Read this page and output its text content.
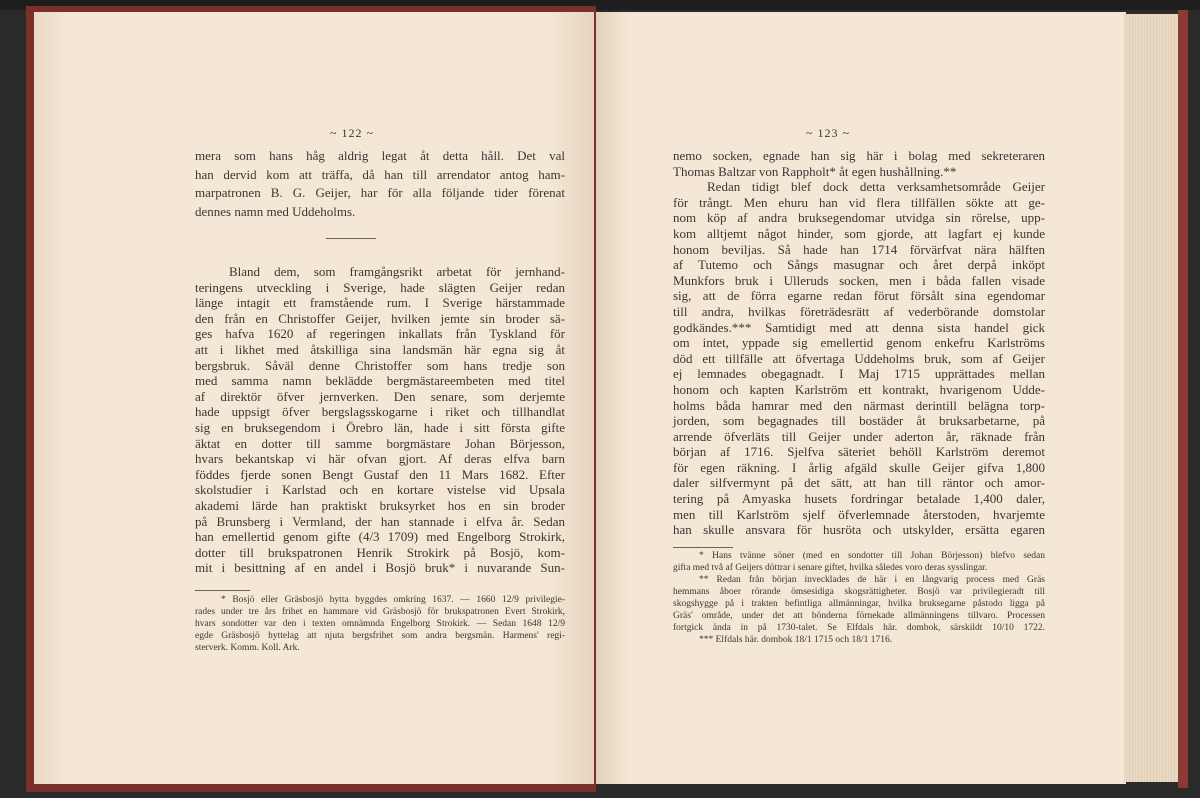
~ 122 ~
mera som hans håg aldrig legat åt detta håll. Det val
han dervid kom att träffa, då han till arrendator antog ham-
marpatronen B. G. Geijer, har för alla följande tider förenat
dennes namn med Uddeholms.
Bland dem, som framgångsrikt arbetat för jernhand-
teringens utveckling i Sverige, hade slägten Geijer redan
länge intagit ett framstående rum. I Sverige härstammade
den från en Christoffer Geijer, hvilken jemte sin broder sä-
ges hafva 1620 af regeringen inkallats från Tyskland för
att i likhet med åtskilliga sina landsmän här egna sig åt
bergsbruk. Såväl denne Christoffer som hans tredje son
med samma namn beklädde bergmästareembeten med titel
af direktör öfver jernverken. Den senare, som derjemte
hade uppsigt öfver bergslagsskogarne i riket och tillhandlat
sig en bruksegendom i Örebro län, hade i sitt första gifte
äktat en dotter till samme borgmästare Johan Börjesson,
hvars bekantskap vi här ofvan gjort. Af deras elfva barn
föddes fjerde sonen Bengt Gustaf den 11 Mars 1682. Efter
skolstudier i Karlstad och en kortare vistelse vid Upsala
akademi lärde han praktiskt bruksyrket hos en sin broder
på Brunsberg i Vermland, der han stannade i elfva år. Sedan
han emellertid genom gifte (4/3 1709) med Engelborg Strokirk,
dotter till brukspatronen Henrik Strokirk på Bosjö, kom-
mit i besittning af en andel i Bosjö bruk* i nuvarande Sun-
* Bosjö eller Gräsbosjö hytta byggdes omkring 1637. — 1660 12/9 privilegie-
rades under tre års frihet en hammare vid Gräsbosjö för brukspatronen Evert Strokirk,
hvars sondotter var den i texten omnämnda Engelborg Strokirk. — Sedan 1648 12/9
egde Gräsbosjö hyttelag att njuta bergsfrihet som andra bergsmän. Harmens' regi-
sterverk. Komm. Koll. Ark.
~ 123 ~
nemo socken, egnade han sig här i bolag med sekreteraren
Thomas Baltzar von Rappholt* åt egen hushållning.**
Redan tidigt blef dock detta verksamhetsområde Geijer
för trångt. Men ehuru han vid flera tillfällen sökte att ge-
nom köp af andra bruksegendomar utvidga sin rörelse, upp-
kom alltjemt något hinder, som gjorde, att lagfart ej kunde
honom beviljas. Så hade han 1714 förvärfvat nära hälften
af Tutemo och Sångs masugnar och året derpå inköpt
Munkfors bruk i Ulleruds socken, men i båda fallen visade
sig, att de förra egarne redan förut försålt sina egendomar
till andra, hvilkas företrädesrätt af vederbörande domstolar
godkändes.*** Samtidigt med att denna sista handel gick
om intet, yppade sig emellertid genom enkefru Karlströms
död ett tillfälle att öfvertaga Uddeholms bruk, som af Geijer
ej lemnades obegagnadt. I Maj 1715 upprättades mellan
honom och kapten Karlström ett kontrakt, hvarigenom Udde-
holms båda hamrar med den närmast derintill belägna torp-
jorden, som begagnades till bostäder åt bruksarbetarne, på
arrende öfverläts till Geijer under aderton år, räknade från
början af 1716. Sjelfva säteriet behöll Karlström deremot
för egen räkning. I årlig afgäld skulle Geijer gifva 1,800
daler silfvermynt på det sätt, att han till räntor och amor-
tering på Amyaska husets fordringar betalade 1,400 daler,
men till Karlström sjelf öfverlemnade återstoden, hvarjemte
han skulle ansvara för husröta och utskylder, ersätta egaren
* Hans tvänne söner (med en sondotter till Johan Börjesson) blefvo sedan
gifta med två af Geijers döttrar i senare giftet, hvilka således voro deras sysslingar.
** Redan från början invecklades de här i en långvarig process med Gräs
hemmans åboer rörande ömsesidiga skogsrättigheter. Bosjö var privilegieradt till
skogshygge på i trakten befintliga allmänningar, hvilka bruksegarne påstodo ligga på
Gräs' område, under det att bönderna förnekade allmänningens tillvaro. Processen
fortgick ända in på 1730-talet. Se Elfdals här. dombok, särskildt 10/10 1722.
*** Elfdals här. dombok 18/1 1715 och 18/1 1716.
